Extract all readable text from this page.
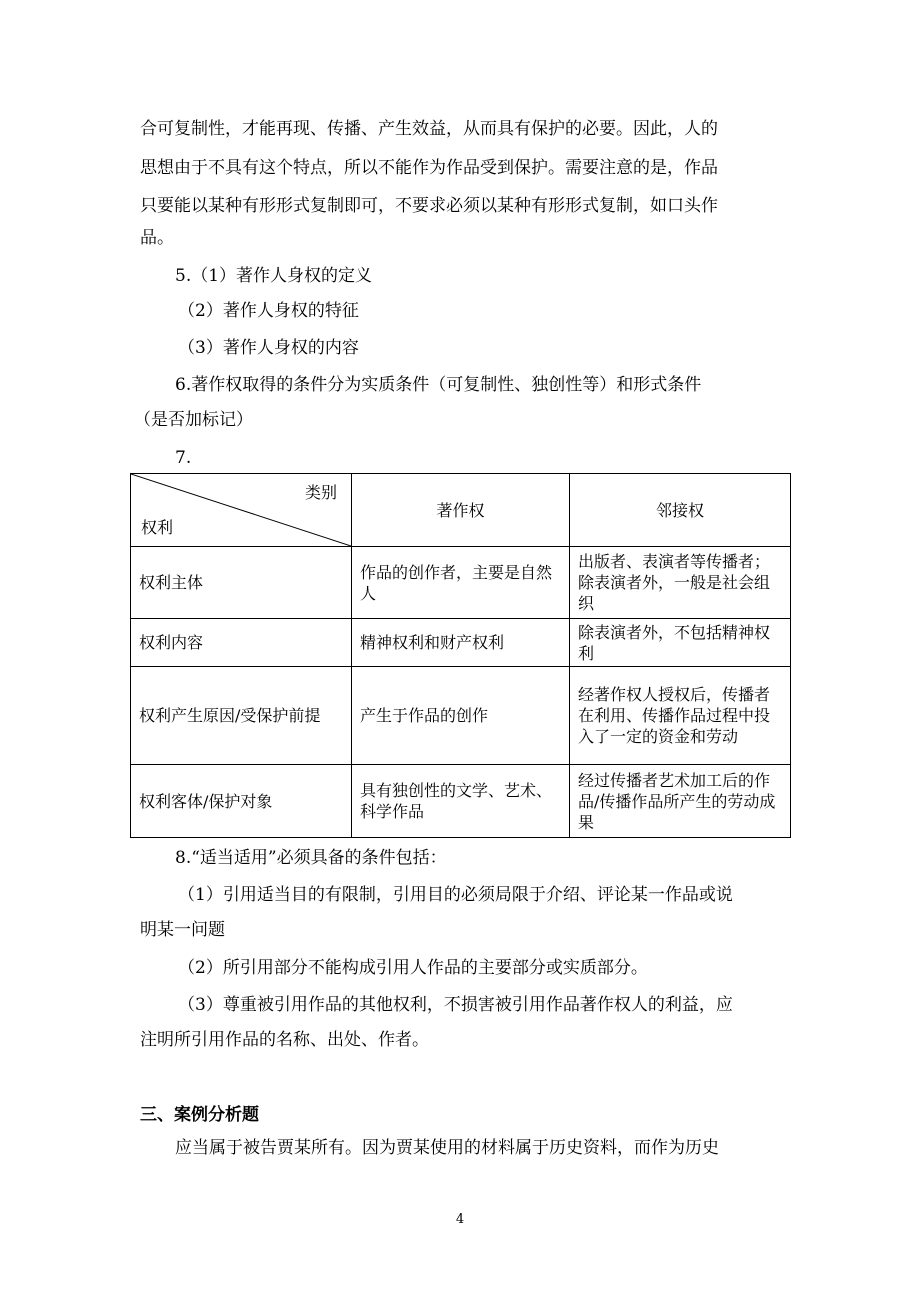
合可复制性，才能再现、传播、产生效益，从而具有保护的必要。因此，人的
思想由于不具有这个特点，所以不能作为作品受到保护。需要注意的是，作品
只要能以某种有形形式复制即可，不要求必须以某种有形形式复制，如口头作
品。
5.（1）著作人身权的定义
（2）著作人身权的特征
（3）著作人身权的内容
6.著作权取得的条件分为实质条件（可复制性、独创性等）和形式条件
（是否加标记）
7.
类别
权利	著作权	邻接权
权利主体	作品的创作者，主要是自然人	出版者、表演者等传播者；除表演者外，一般是社会组织
权利内容	精神权利和财产权利	除表演者外，不包括精神权利
权利产生原因/受保护前提	产生于作品的创作	经著作权人授权后，传播者在利用、传播作品过程中投入了一定的资金和劳动
权利客体/保护对象	具有独创性的文学、艺术、科学作品	经过传播者艺术加工后的作品/传播作品所产生的劳动成果
8.“适当适用”必须具备的条件包括：
（1）引用适当目的有限制，引用目的必须局限于介绍、评论某一作品或说
明某一问题
（2）所引用部分不能构成引用人作品的主要部分或实质部分。
（3）尊重被引用作品的其他权利，不损害被引用作品著作权人的利益，应
注明所引用作品的名称、出处、作者。
三、案例分析题
应当属于被告贾某所有。因为贾某使用的材料属于历史资料，而作为历史
4
